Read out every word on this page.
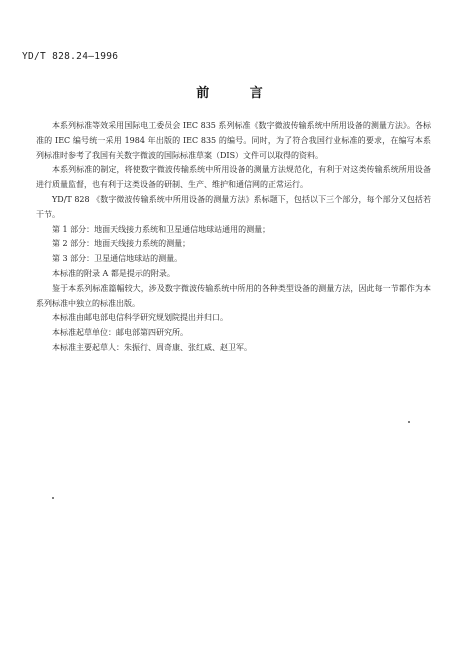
YD/T 828.24—1996
前 言

本系列标准等效采用国际电工委员会 IEC 835 系列标准《数字微波传输系统中所用设备的测量方法》。各标准的 IEC 编号统一采用 1984 年出版的 IEC 835 的编号。同时，为了符合我国行业标准的要求，在编写本系列标准时参考了我国有关数字微波的国际标准草案（DIS）文件可以取得的资料。

本系列标准的制定，将使数字微波传输系统中所用设备的测量方法规范化，有利于对这类传输系统所用设备进行质量监督，也有利于这类设备的研制、生产、维护和通信网的正常运行。

YD/T 828 《数字微波传输系统中所用设备的测量方法》系标题下，包括以下三个部分，每个部分又包括若干节。

第 1 部分：地面天线接力系统和卫星通信地球站通用的测量；

第 2 部分：地面天线接力系统的测量；

第 3 部分：卫星通信地球站的测量。

本标准的附录 A 都是提示的附录。

鉴于本系列标准篇幅较大，涉及数字微波传输系统中所用的各种类型设备的测量方法，因此每一节都作为本系列标准中独立的标准出版。

本标准由邮电部电信科学研究规划院提出并归口。

本标准起草单位：邮电部第四研究所。

本标准主要起草人：朱振行、周奇康、张红威、赵卫军。
